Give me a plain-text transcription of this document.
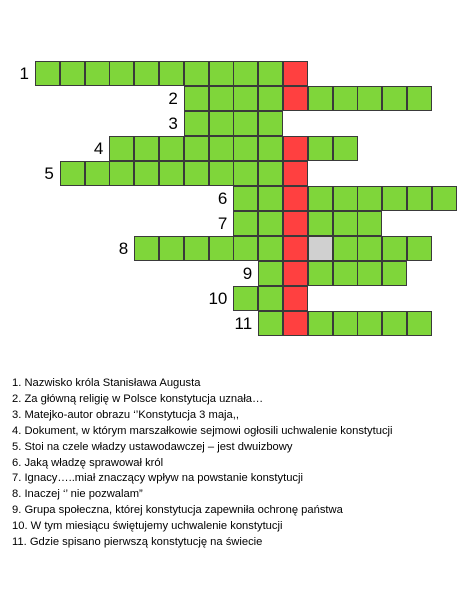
1
2
3
4
5
6
7
8
9
10
11
1. Nazwisko króla Stanisława Augusta
2. Za główną religię w Polsce konstytucja uznała…
3. Matejko-autor obrazu ‘’Konstytucja 3 maja,,
4. Dokument, w którym marszałkowie sejmowi ogłosili uchwalenie konstytucji
5. Stoi na czele władzy ustawodawczej – jest dwuizbowy
6. Jaką władzę sprawował król
7. Ignacy…..miał znaczący wpływ na powstanie konstytucji
8. Inaczej ‘’ nie pozwalam”
9. Grupa społeczna, której konstytucja zapewniła ochronę państwa
10. W tym miesiącu świętujemy uchwalenie konstytucji
11. Gdzie spisano pierwszą konstytucję na świecie
